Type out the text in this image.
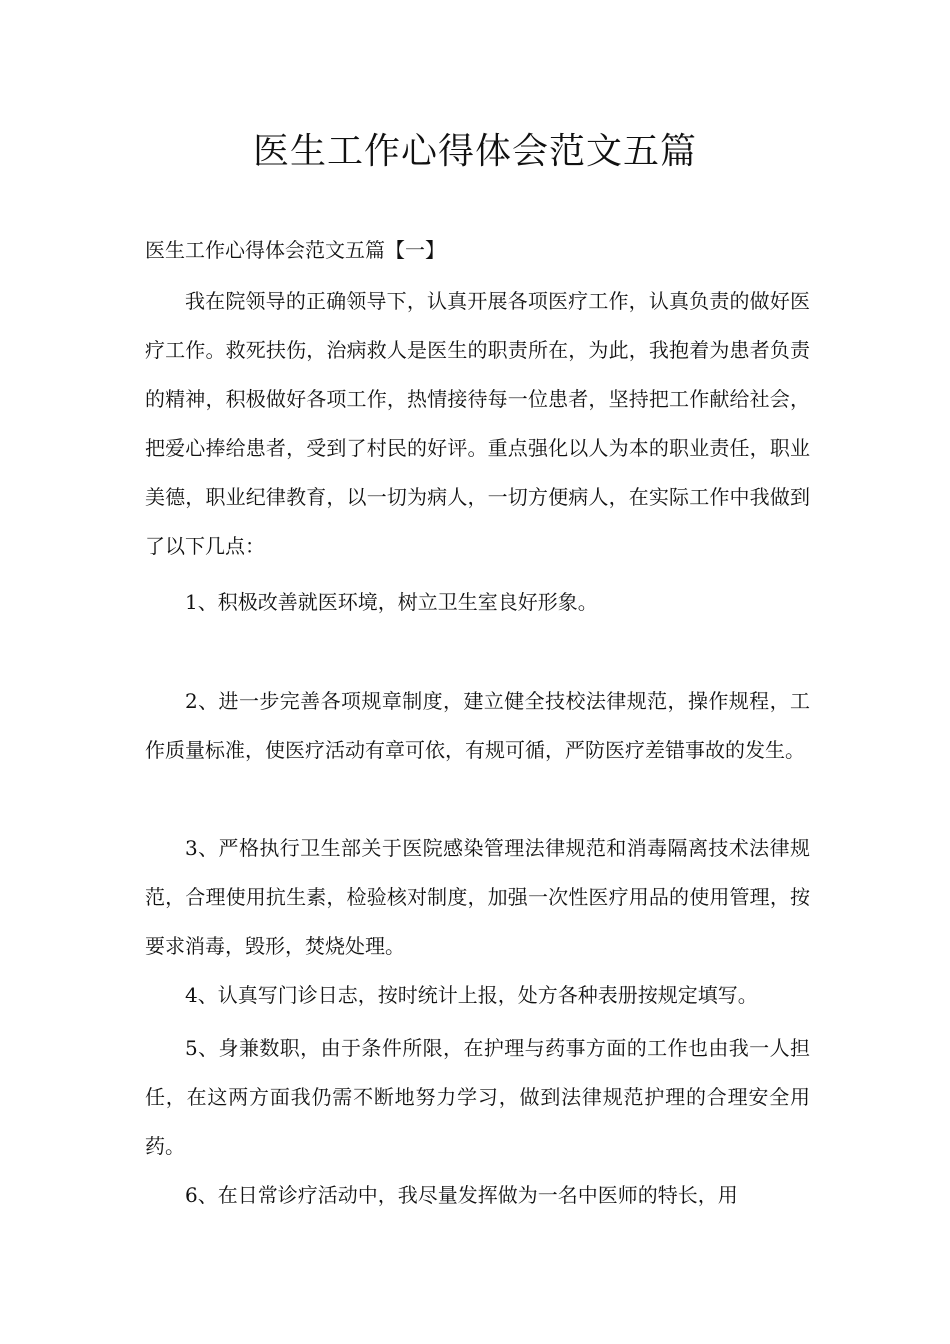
医生工作心得体会范文五篇
医生工作心得体会范文五篇【一】

我在院领导的正确领导下，认真开展各项医疗工作，认真负责的做好医疗工作。救死扶伤，治病救人是医生的职责所在，为此，我抱着为患者负责的精神，积极做好各项工作，热情接待每一位患者，坚持把工作献给社会，把爱心捧给患者，受到了村民的好评。重点强化以人为本的职业责任，职业美德，职业纪律教育，以一切为病人，一切方便病人，在实际工作中我做到了以下几点：

1、积极改善就医环境，树立卫生室良好形象。

2、进一步完善各项规章制度，建立健全技校法律规范，操作规程，工作质量标准，使医疗活动有章可依，有规可循，严防医疗差错事故的发生。

3、严格执行卫生部关于医院感染管理法律规范和消毒隔离技术法律规范，合理使用抗生素，检验核对制度，加强一次性医疗用品的使用管理，按要求消毒，毁形，焚烧处理。

4、认真写门诊日志，按时统计上报，处方各种表册按规定填写。

5、身兼数职，由于条件所限，在护理与药事方面的工作也由我一人担任，在这两方面我仍需不断地努力学习，做到法律规范护理的合理安全用药。

6、在日常诊疗活动中，我尽量发挥做为一名中医师的特长，用
